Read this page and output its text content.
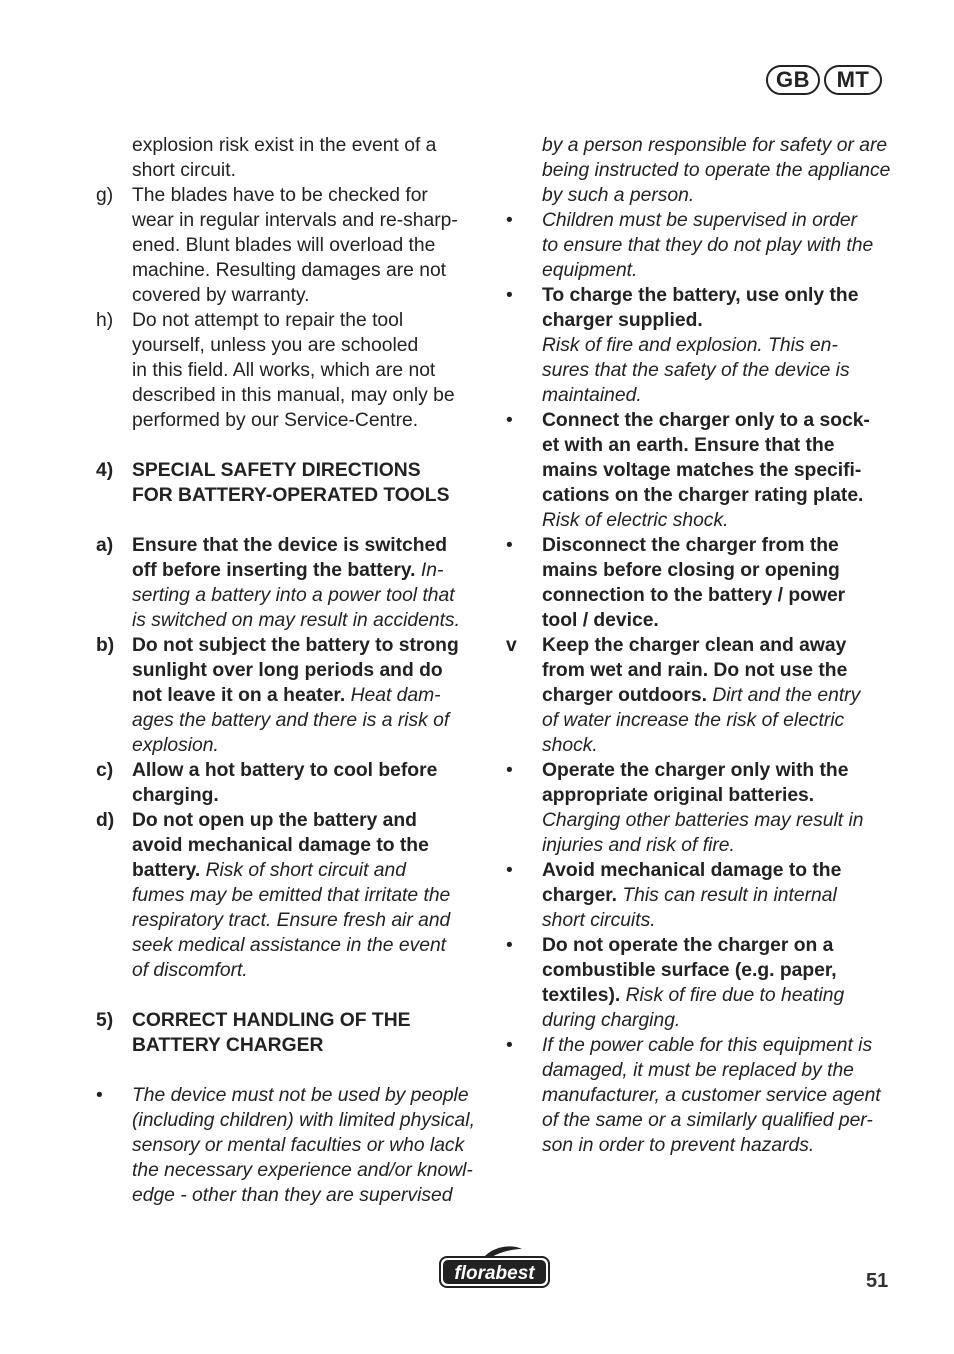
GB	MT
explosion risk exist in the event of a
short circuit.
g) The blades have to be checked for
wear in regular intervals and re-sharp-
ened. Blunt blades will overload the
machine. Resulting damages are not
covered by warranty.
h) Do not attempt to repair the tool
yourself, unless you are schooled
in this field. All works, which are not
described in this manual, may only be
performed by our Service-Centre.
4) SPECIAL SAFETY DIRECTIONS
FOR BATTERY-OPERATED TOOLS
a) Ensure that the device is switched
off before inserting the battery. In-
serting a battery into a power tool that
is switched on may result in accidents.
b) Do not subject the battery to strong
sunlight over long periods and do
not leave it on a heater. Heat dam-
ages the battery and there is a risk of
explosion.
c) Allow a hot battery to cool before
charging.
d) Do not open up the battery and
avoid mechanical damage to the
battery. Risk of short circuit and
fumes may be emitted that irritate the
respiratory tract. Ensure fresh air and
seek medical assistance in the event
of discomfort.
5) CORRECT HANDLING OF THE
BATTERY CHARGER
• The device must not be used by people
(including children) with limited physical,
sensory or mental faculties or who lack
the necessary experience and/or knowl-
edge - other than they are supervised
by a person responsible for safety or are
being instructed to operate the appliance
by such a person.
• Children must be supervised in order
to ensure that they do not play with the
equipment.
• To charge the battery, use only the
charger supplied.
Risk of fire and explosion. This en-
sures that the safety of the device is
maintained.
• Connect the charger only to a sock-
et with an earth. Ensure that the
mains voltage matches the specifi-
cations on the charger rating plate.
Risk of electric shock.
• Disconnect the charger from the
mains before closing or opening
connection to the battery / power
tool / device.
v Keep the charger clean and away
from wet and rain. Do not use the
charger outdoors. Dirt and the entry
of water increase the risk of electric
shock.
• Operate the charger only with the
appropriate original batteries.
Charging other batteries may result in
injuries and risk of fire.
• Avoid mechanical damage to the
charger. This can result in internal
short circuits.
• Do not operate the charger on a
combustible surface (e.g. paper,
textiles). Risk of fire due to heating
during charging.
• If the power cable for this equipment is
damaged, it must be replaced by the
manufacturer, a customer service agent
of the same or a similarly qualified per-
son in order to prevent hazards.
florabest	51
